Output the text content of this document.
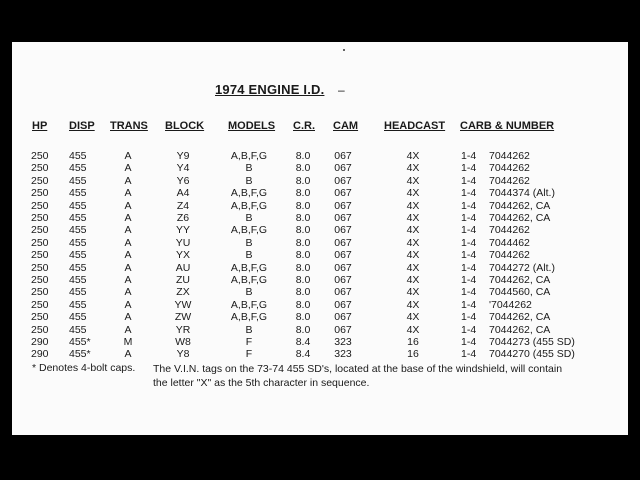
1974 ENGINE I.D. –
HP DISP TRANS BLOCK MODELS C.R. CAM HEADCAST CARB & NUMBER
250 455	A	Y9	A,B,F,G	8.0 067	4X	1-4 7044262
250 455	A	Y4	B	8.0 067	4X	1-4 7044262
250 455	A	Y6	B	8.0 067	4X	1-4 7044262
250 455	A	A4	A,B,F,G	8.0 067	4X	1-4 7044374 (Alt.)
250 455	A	Z4	A,B,F,G	8.0 067	4X	1-4 7044262, CA
250 455	A	Z6	B	8.0 067	4X	1-4 7044262, CA
250 455	A	YY	A,B,F,G	8.0 067	4X	1-4 7044262
250 455	A	YU	B	8.0 067	4X	1-4 7044462
250 455	A	YX	B	8.0 067	4X	1-4 7044262
250 455	A	AU	A,B,F,G	8.0 067	4X	1-4 7044272 (Alt.)
250 455	A	ZU	A,B,F,G	8.0 067	4X	1-4 7044262, CA
250 455	A	ZX	B	8.0 067	4X	1-4 7044560, CA
250 455	A	YW	A,B,F,G	8.0 067	4X	1-4 '7044262
250 455	A	ZW	A,B,F,G	8.0 067	4X	1-4 7044262, CA
250 455	A	YR	B	8.0 067	4X	1-4 7044262, CA
290 455*	M	W8	F	8.4 323	16	1-4 7044273 (455 SD)
290 455*	A	Y8	F	8.4 323	16	1-4 7044270 (455 SD)
* Denotes 4-bolt caps. The V.I.N. tags on the 73-74 455 SD's, located at the base of the windshield, will contain the letter "X" as the 5th character in sequence.
